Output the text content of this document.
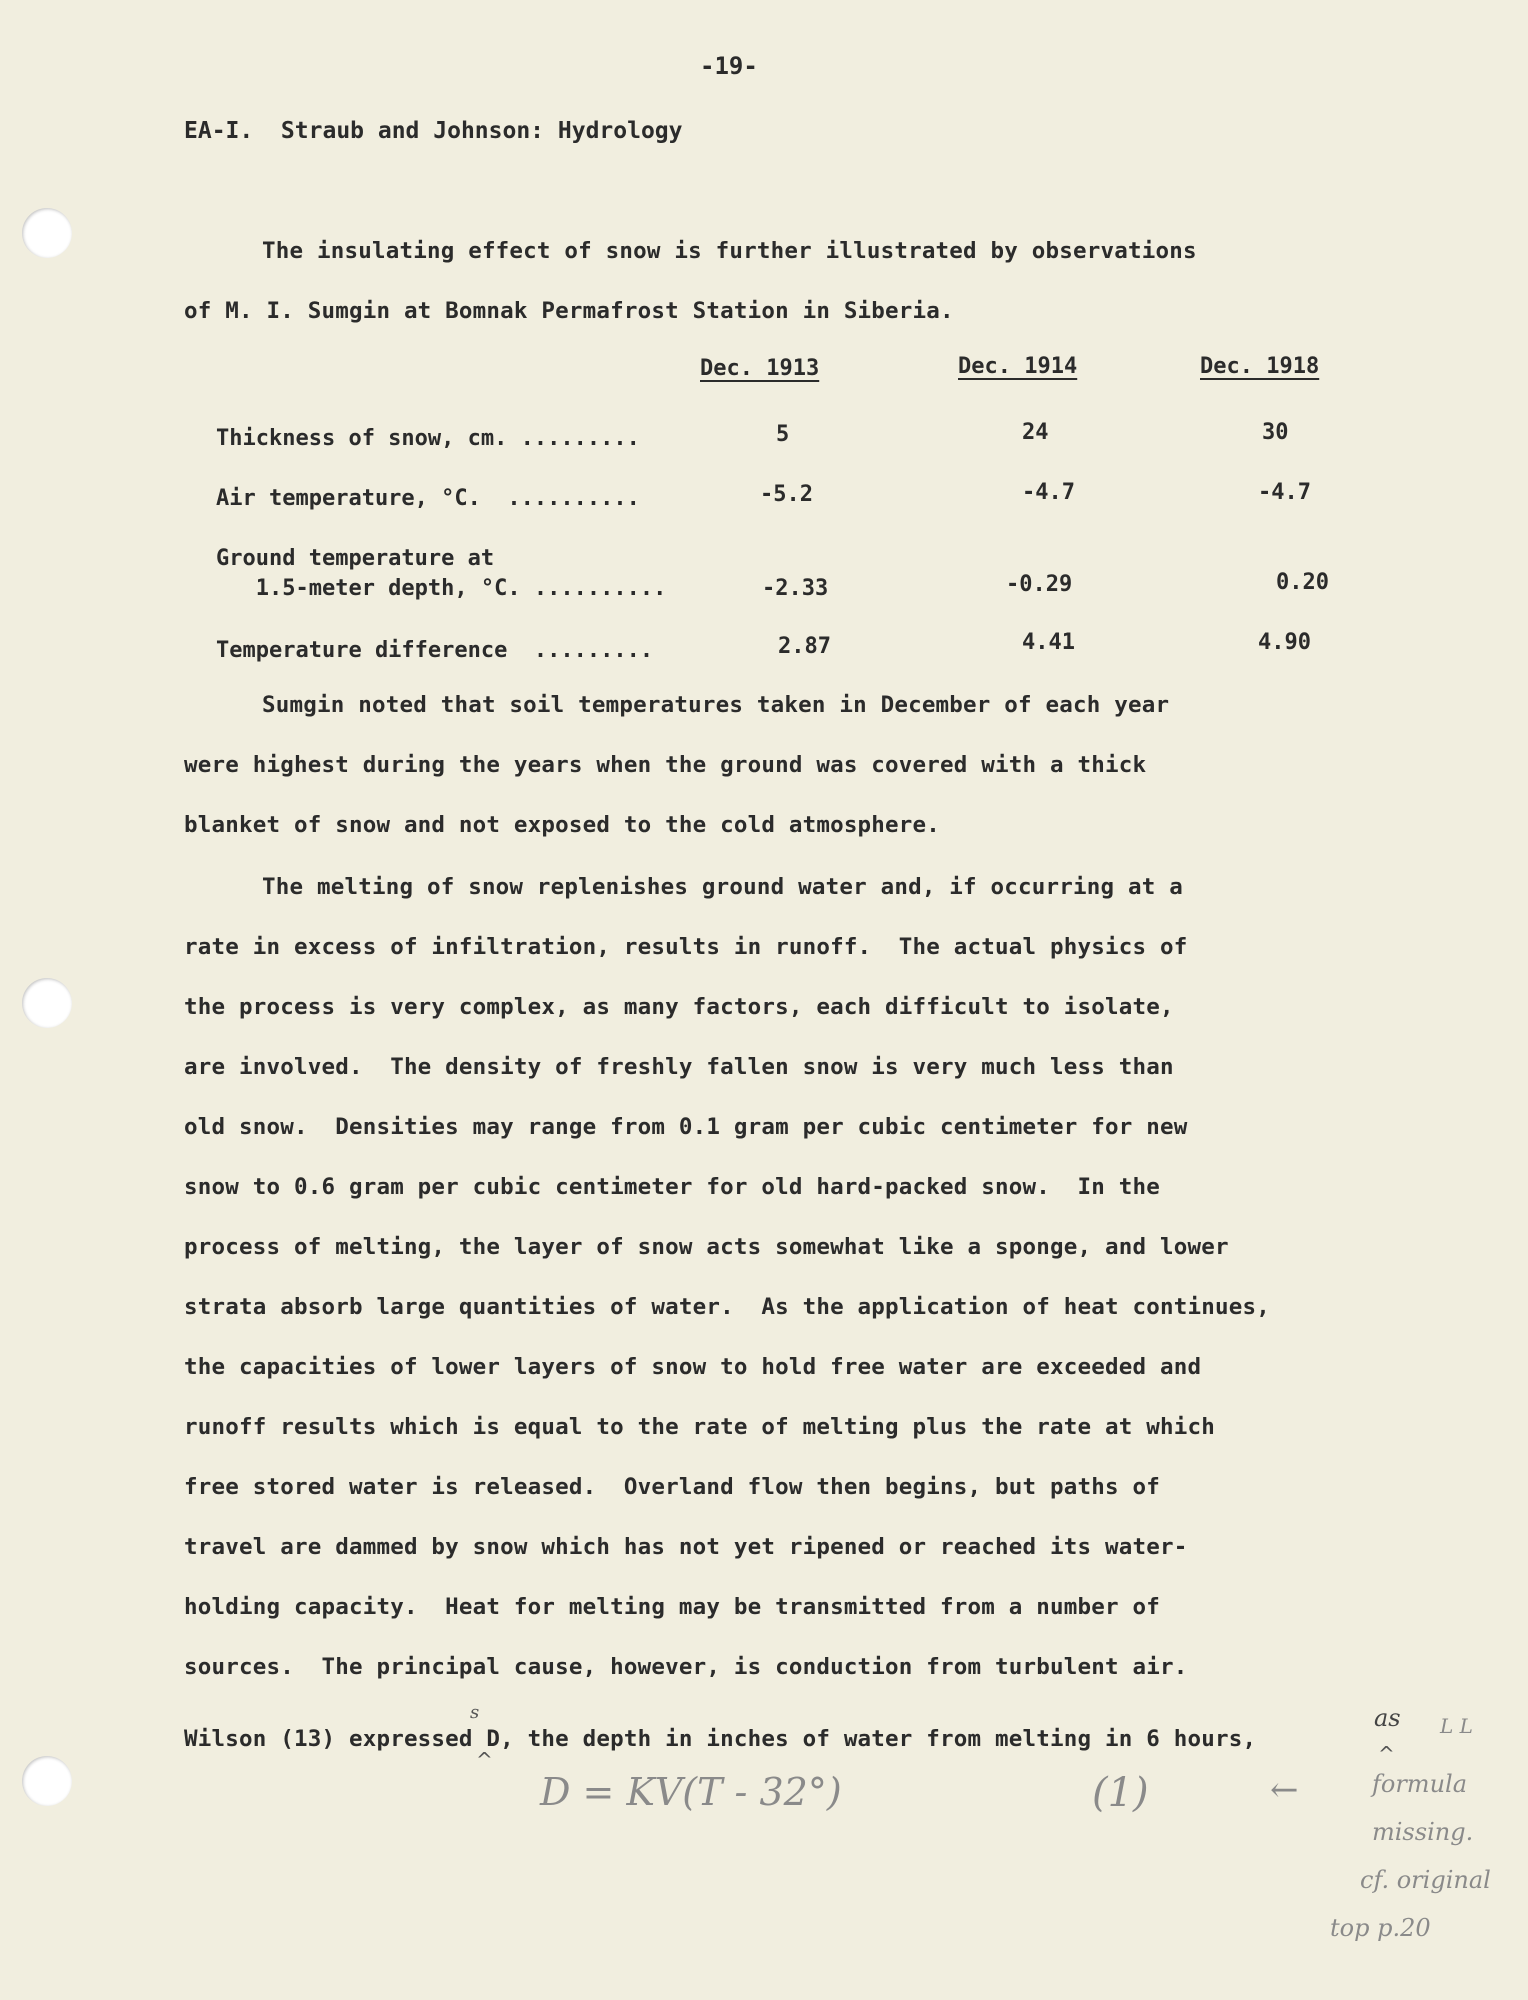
-19-
EA-I.  Straub and Johnson: Hydrology
The insulating effect of snow is further illustrated by observations
of M. I. Sumgin at Bomnak Permafrost Station in Siberia.
Dec. 1913	Dec. 1914	Dec. 1918
Thickness of snow, cm. .........	5	24	30
Air temperature, °C.  ..........	-5.2	-4.7	-4.7
Ground temperature at
1.5-meter depth, °C. ..........	-2.33	-0.29	0.20
Temperature difference  .........	2.87	4.41	4.90
Sumgin noted that soil temperatures taken in December of each year
were highest during the years when the ground was covered with a thick
blanket of snow and not exposed to the cold atmosphere.
The melting of snow replenishes ground water and, if occurring at a
rate in excess of infiltration, results in runoff.  The actual physics of
the process is very complex, as many factors, each difficult to isolate,
are involved.  The density of freshly fallen snow is very much less than
old snow.  Densities may range from 0.1 gram per cubic centimeter for new
snow to 0.6 gram per cubic centimeter for old hard-packed snow.  In the
process of melting, the layer of snow acts somewhat like a sponge, and lower
strata absorb large quantities of water.  As the application of heat continues,
the capacities of lower layers of snow to hold free water are exceeded and
runoff results which is equal to the rate of melting plus the rate at which
free stored water is released.  Overland flow then begins, but paths of
travel are dammed by snow which has not yet ripened or reached its water-
holding capacity.  Heat for melting may be transmitted from a number of
sources.  The principal cause, however, is conduction from turbulent air.
Wilson (13) expressed D, the depth in inches of water from melting in 6 hours,
s
^
as
^
L L
D = KV(T - 32°)	(1)	←	formula
missing.
cf. original
top p.20
